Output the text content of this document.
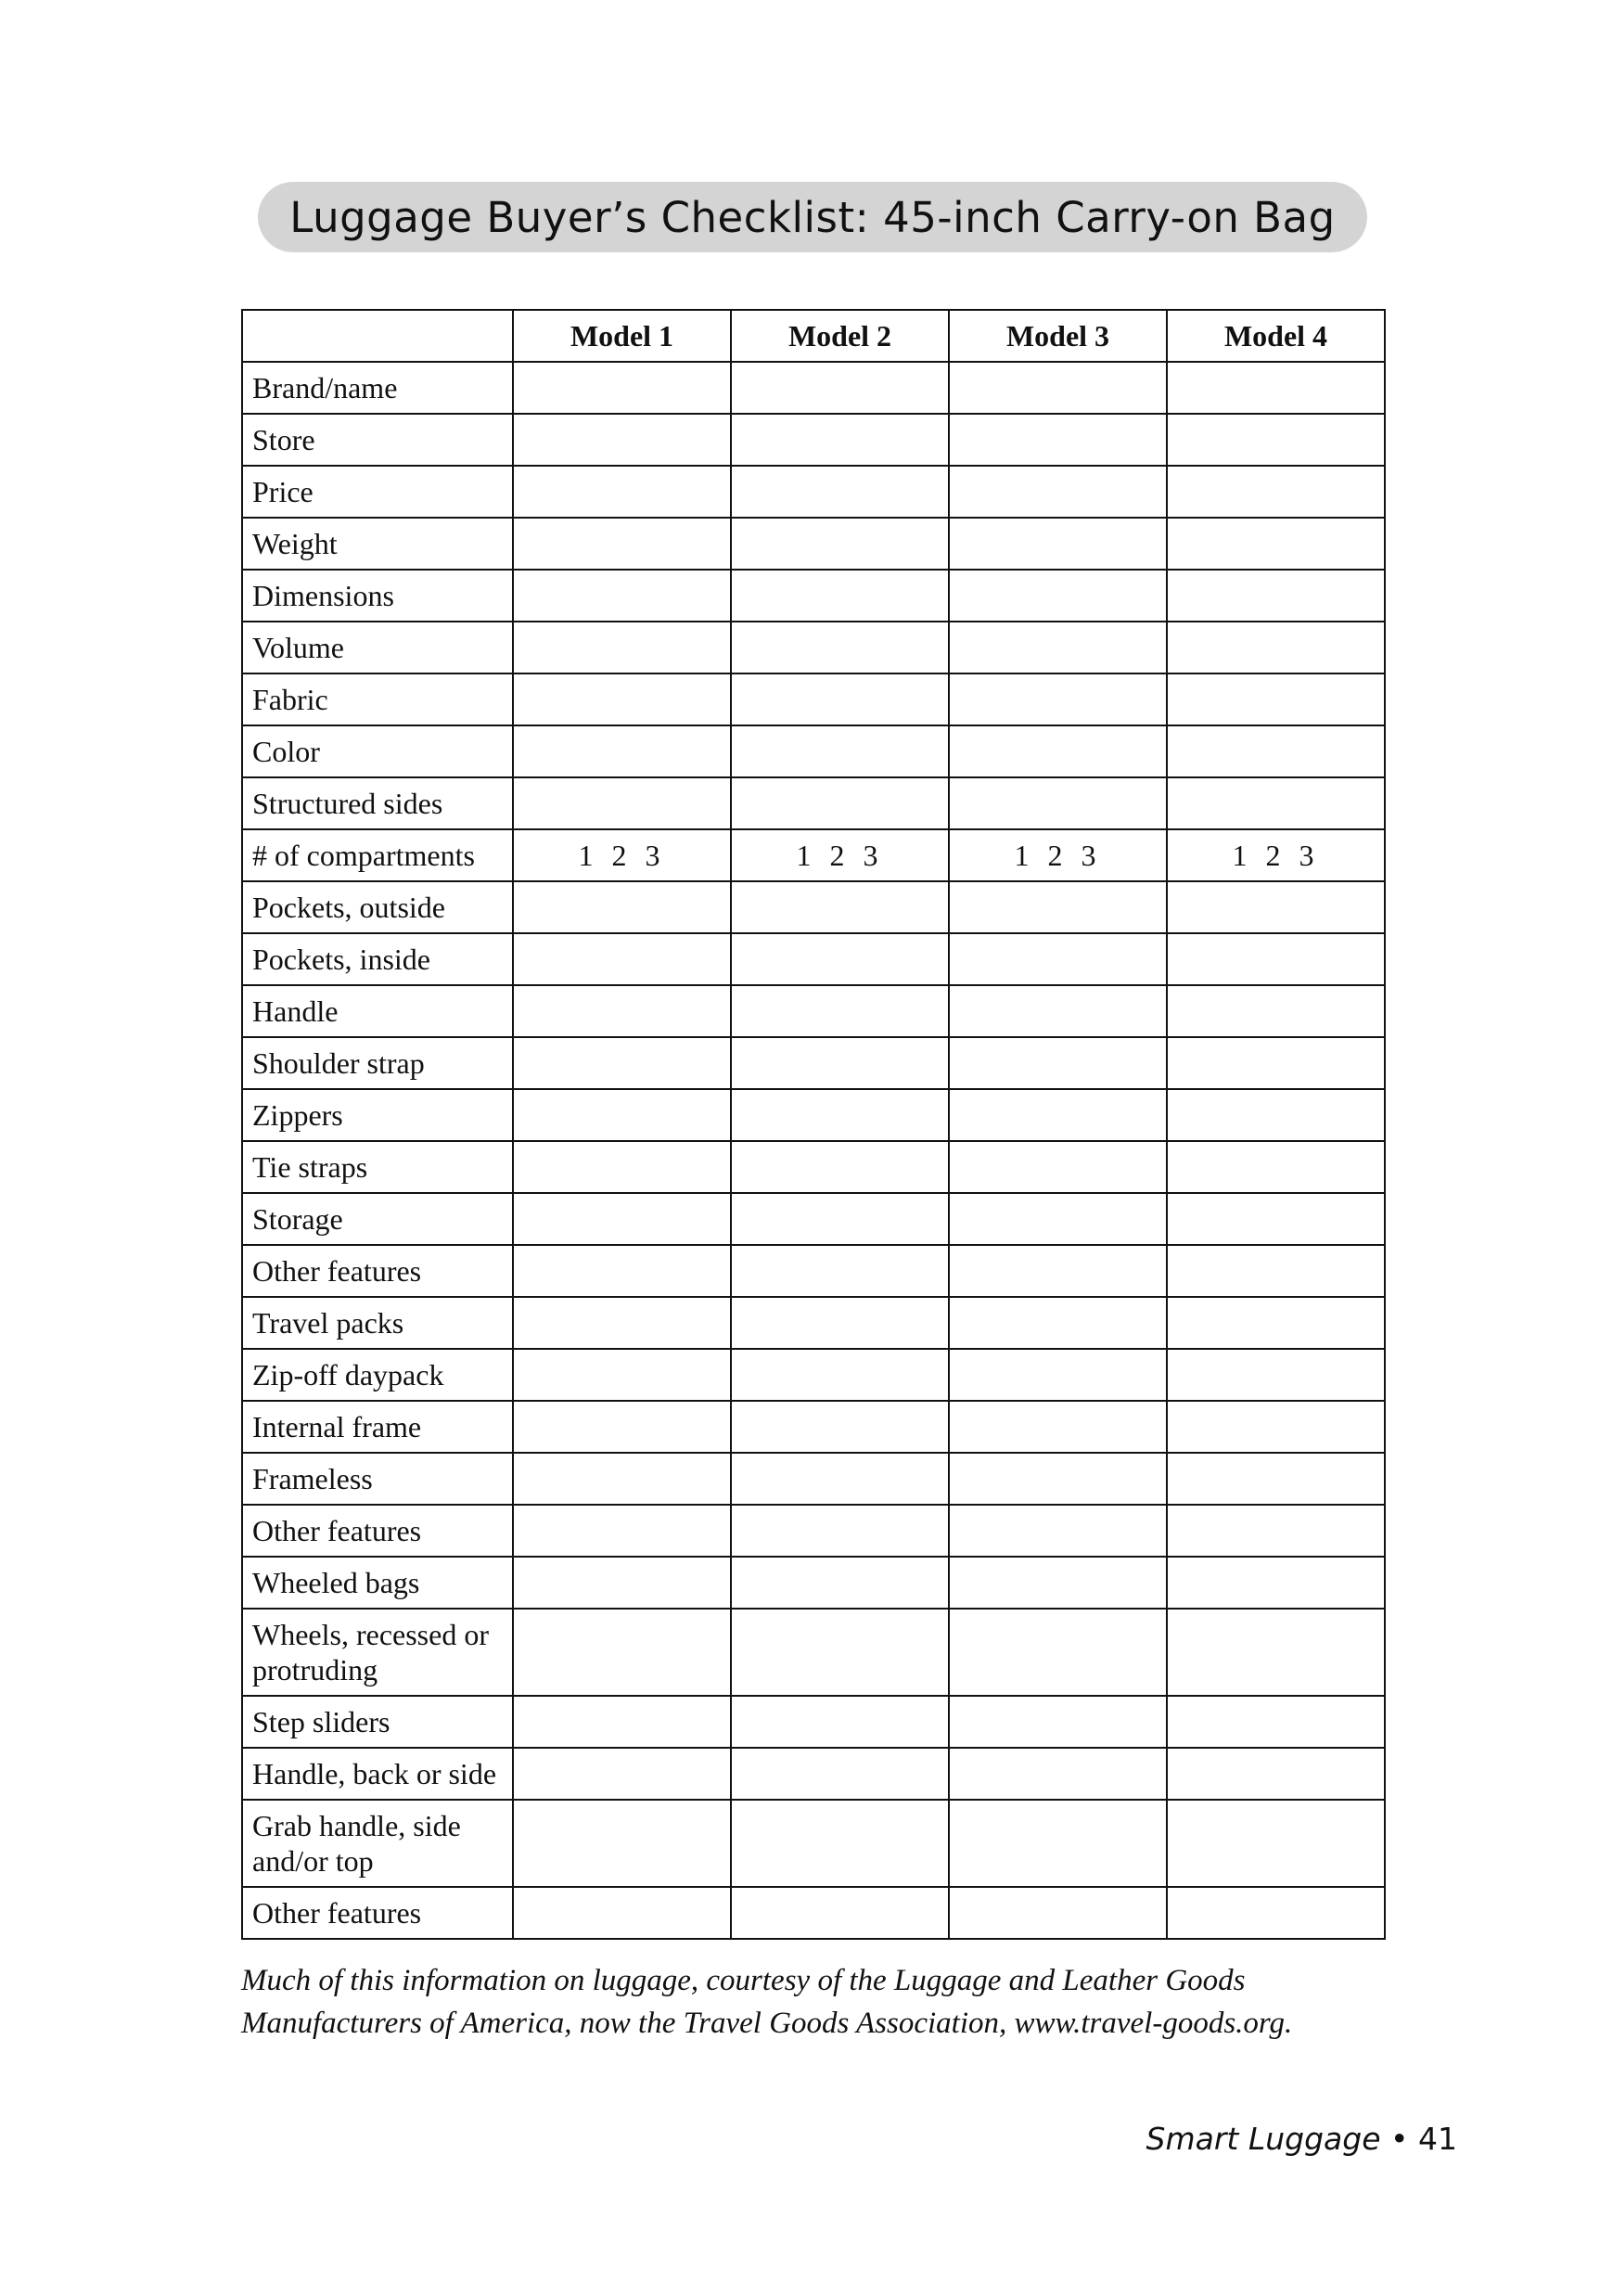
Luggage Buyer’s Checklist: 45-inch Carry-on Bag
	Model 1	Model 2	Model 3	Model 4
Brand/name				
Store				
Price				
Weight				
Dimensions				
Volume				
Fabric				
Color				
Structured sides				
# of compartments	1 2 3	1 2 3	1 2 3	1 2 3
Pockets, outside				
Pockets, inside				
Handle				
Shoulder strap				
Zippers				
Tie straps				
Storage				
Other features				
Travel packs				
Zip-off daypack				
Internal frame				
Frameless				
Other features				
Wheeled bags				
Wheels, recessed or protruding				
Step sliders				
Handle, back or side				
Grab handle, side and/or top				
Other features				
Much of this information on luggage, courtesy of the Luggage and Leather Goods Manufacturers of America, now the Travel Goods Association, www.travel-goods.org.
Smart Luggage • 41
